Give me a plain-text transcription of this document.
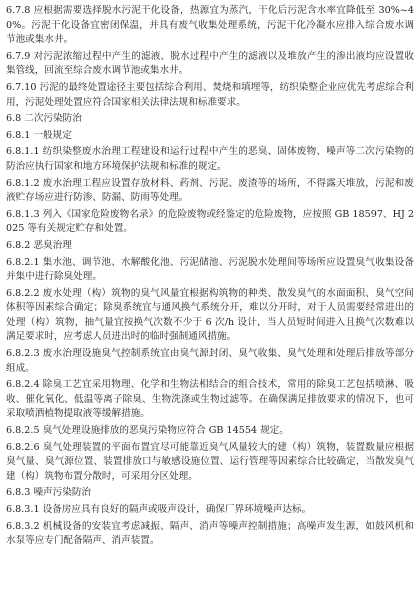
6.7.8 应根据需要选择脱水污泥干化设备，热源宜为蒸汽，干化后污泥含水率宜降低至 30%~40%。污泥干化设备宜密闭保温，并具有废气收集处理系统，污泥干化冷凝水应排入综合废水调节池或集水井。

6.7.9 对污泥浓缩过程中产生的滤液、脱水过程中产生的滤液以及堆放产生的渗出液均应设置收集管线，回流至综合废水调节池或集水井。

6.7.10 污泥的最终处置途径主要包括综合利用、焚烧和填埋等，纺织染整企业应优先考虑综合利用，污泥处理处置应符合国家相关法律法规和标准要求。

6.8 二次污染防治

6.8.1 一般规定

6.8.1.1 纺织染整废水治理工程建设和运行过程中产生的恶臭、固体废物、噪声等二次污染物的防治应执行国家和地方环境保护法规和标准的规定。

6.8.1.2 废水治理工程应设置存放材料、药剂、污泥、废渣等的场所，不得露天堆放，污泥和废液贮存场应进行防渗、防漏、防雨等处理。

6.8.1.3 列入《国家危险废物名录》的危险废物或经鉴定的危险废物，应按照 GB 18597、HJ 2025 等有关规定贮存和处置。

6.8.2 恶臭治理

6.8.2.1 集水池、调节池、水解酸化池、污泥储池、污泥脱水处理间等场所应设置臭气收集设备并集中进行除臭处理。

6.8.2.2 废水处理（构）筑物的臭气风量宜根据构筑物的种类、散发臭气的水面面积、臭气空间体积等因素综合确定；除臭系统宜与通风换气系统分开，难以分开时，对于人员需要经常进出的处理（构）筑物，抽气量宜按换气次数不少于 6 次/h 设计，当人员短时间进入且换气次数难以满足要求时，应考虑人员进出时的临时强制通风措施。

6.8.2.3 废水治理设施臭气控制系统宜由臭气源封闭、臭气收集、臭气处理和处理后排放等部分组成。

6.8.2.4 除臭工艺宜采用物理、化学和生物法相结合的组合技术，常用的除臭工艺包括喷淋、吸收、催化氧化、低温等离子除臭、生物洗涤或生物过滤等。在确保满足排放要求的情况下，也可采取喷洒植物提取液等缓解措施。

6.8.2.5 臭气处理设施排放的恶臭污染物应符合 GB 14554 规定。

6.8.2.6 臭气处理装置的平面布置宜尽可能靠近臭气风量较大的建（构）筑物，装置数量应根据臭气量、臭气源位置、装置排放口与敏感设施位置、运行管理等因素综合比较确定，当散发臭气建（构）筑物布置分散时，可采用分区处理。

6.8.3 噪声污染防治

6.8.3.1 设备房应具有良好的隔声或吸声设计，确保厂界环境噪声达标。

6.8.3.2 机械设备的安装宜考虑减振、隔声、消声等噪声控制措施；高噪声发生源，如鼓风机和水泵等应专门配备隔声、消声装置。
